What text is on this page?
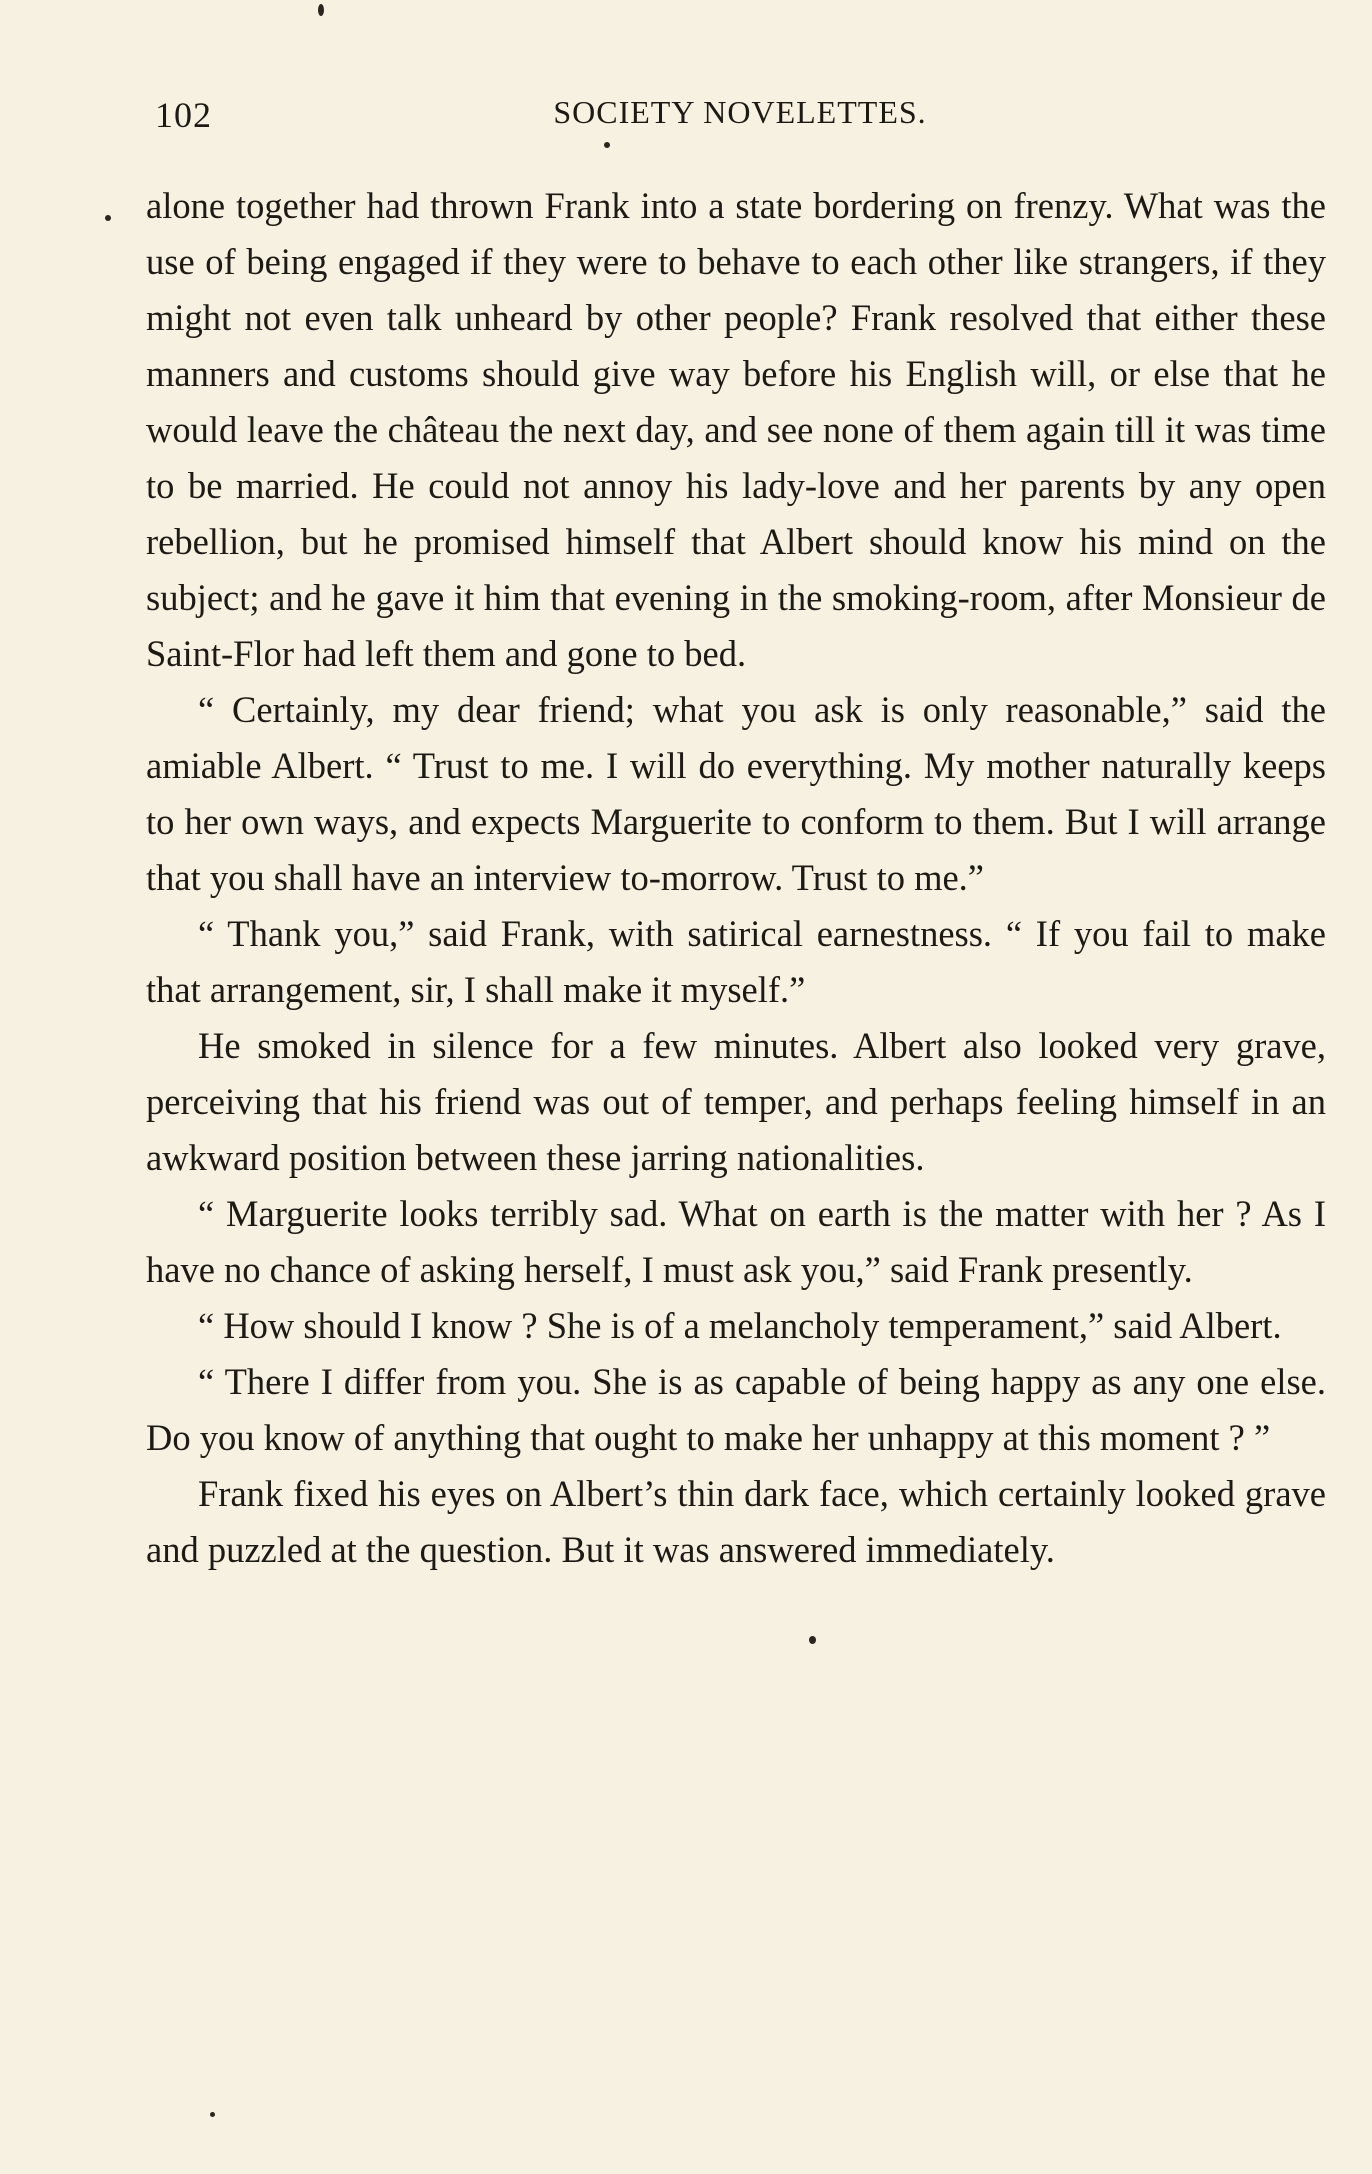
102	SOCIETY NOVELETTES.

alone together had thrown Frank into a state bordering on frenzy. What was the use of being engaged if they were to behave to each other like strangers, if they might not even talk unheard by other people? Frank resolved that either these manners and customs should give way before his English will, or else that he would leave the château the next day, and see none of them again till it was time to be married. He could not annoy his lady-love and her parents by any open rebellion, but he promised himself that Albert should know his mind on the subject; and he gave it him that evening in the smoking-room, after Monsieur de Saint-Flor had left them and gone to bed.

“ Certainly, my dear friend; what you ask is only reasonable,” said the amiable Albert. “ Trust to me. I will do everything. My mother naturally keeps to her own ways, and expects Marguerite to conform to them. But I will arrange that you shall have an interview to-morrow. Trust to me.”

“ Thank you,” said Frank, with satirical earnestness. “ If you fail to make that arrangement, sir, I shall make it myself.”

He smoked in silence for a few minutes. Albert also looked very grave, perceiving that his friend was out of temper, and perhaps feeling himself in an awkward position between these jarring nationalities.

“ Marguerite looks terribly sad. What on earth is the matter with her ? As I have no chance of asking herself, I must ask you,” said Frank presently.

“ How should I know ? She is of a melancholy temperament,” said Albert.

“ There I differ from you. She is as capable of being happy as any one else. Do you know of anything that ought to make her unhappy at this moment ? ”

Frank fixed his eyes on Albert’s thin dark face, which certainly looked grave and puzzled at the question. But it was answered immediately.
